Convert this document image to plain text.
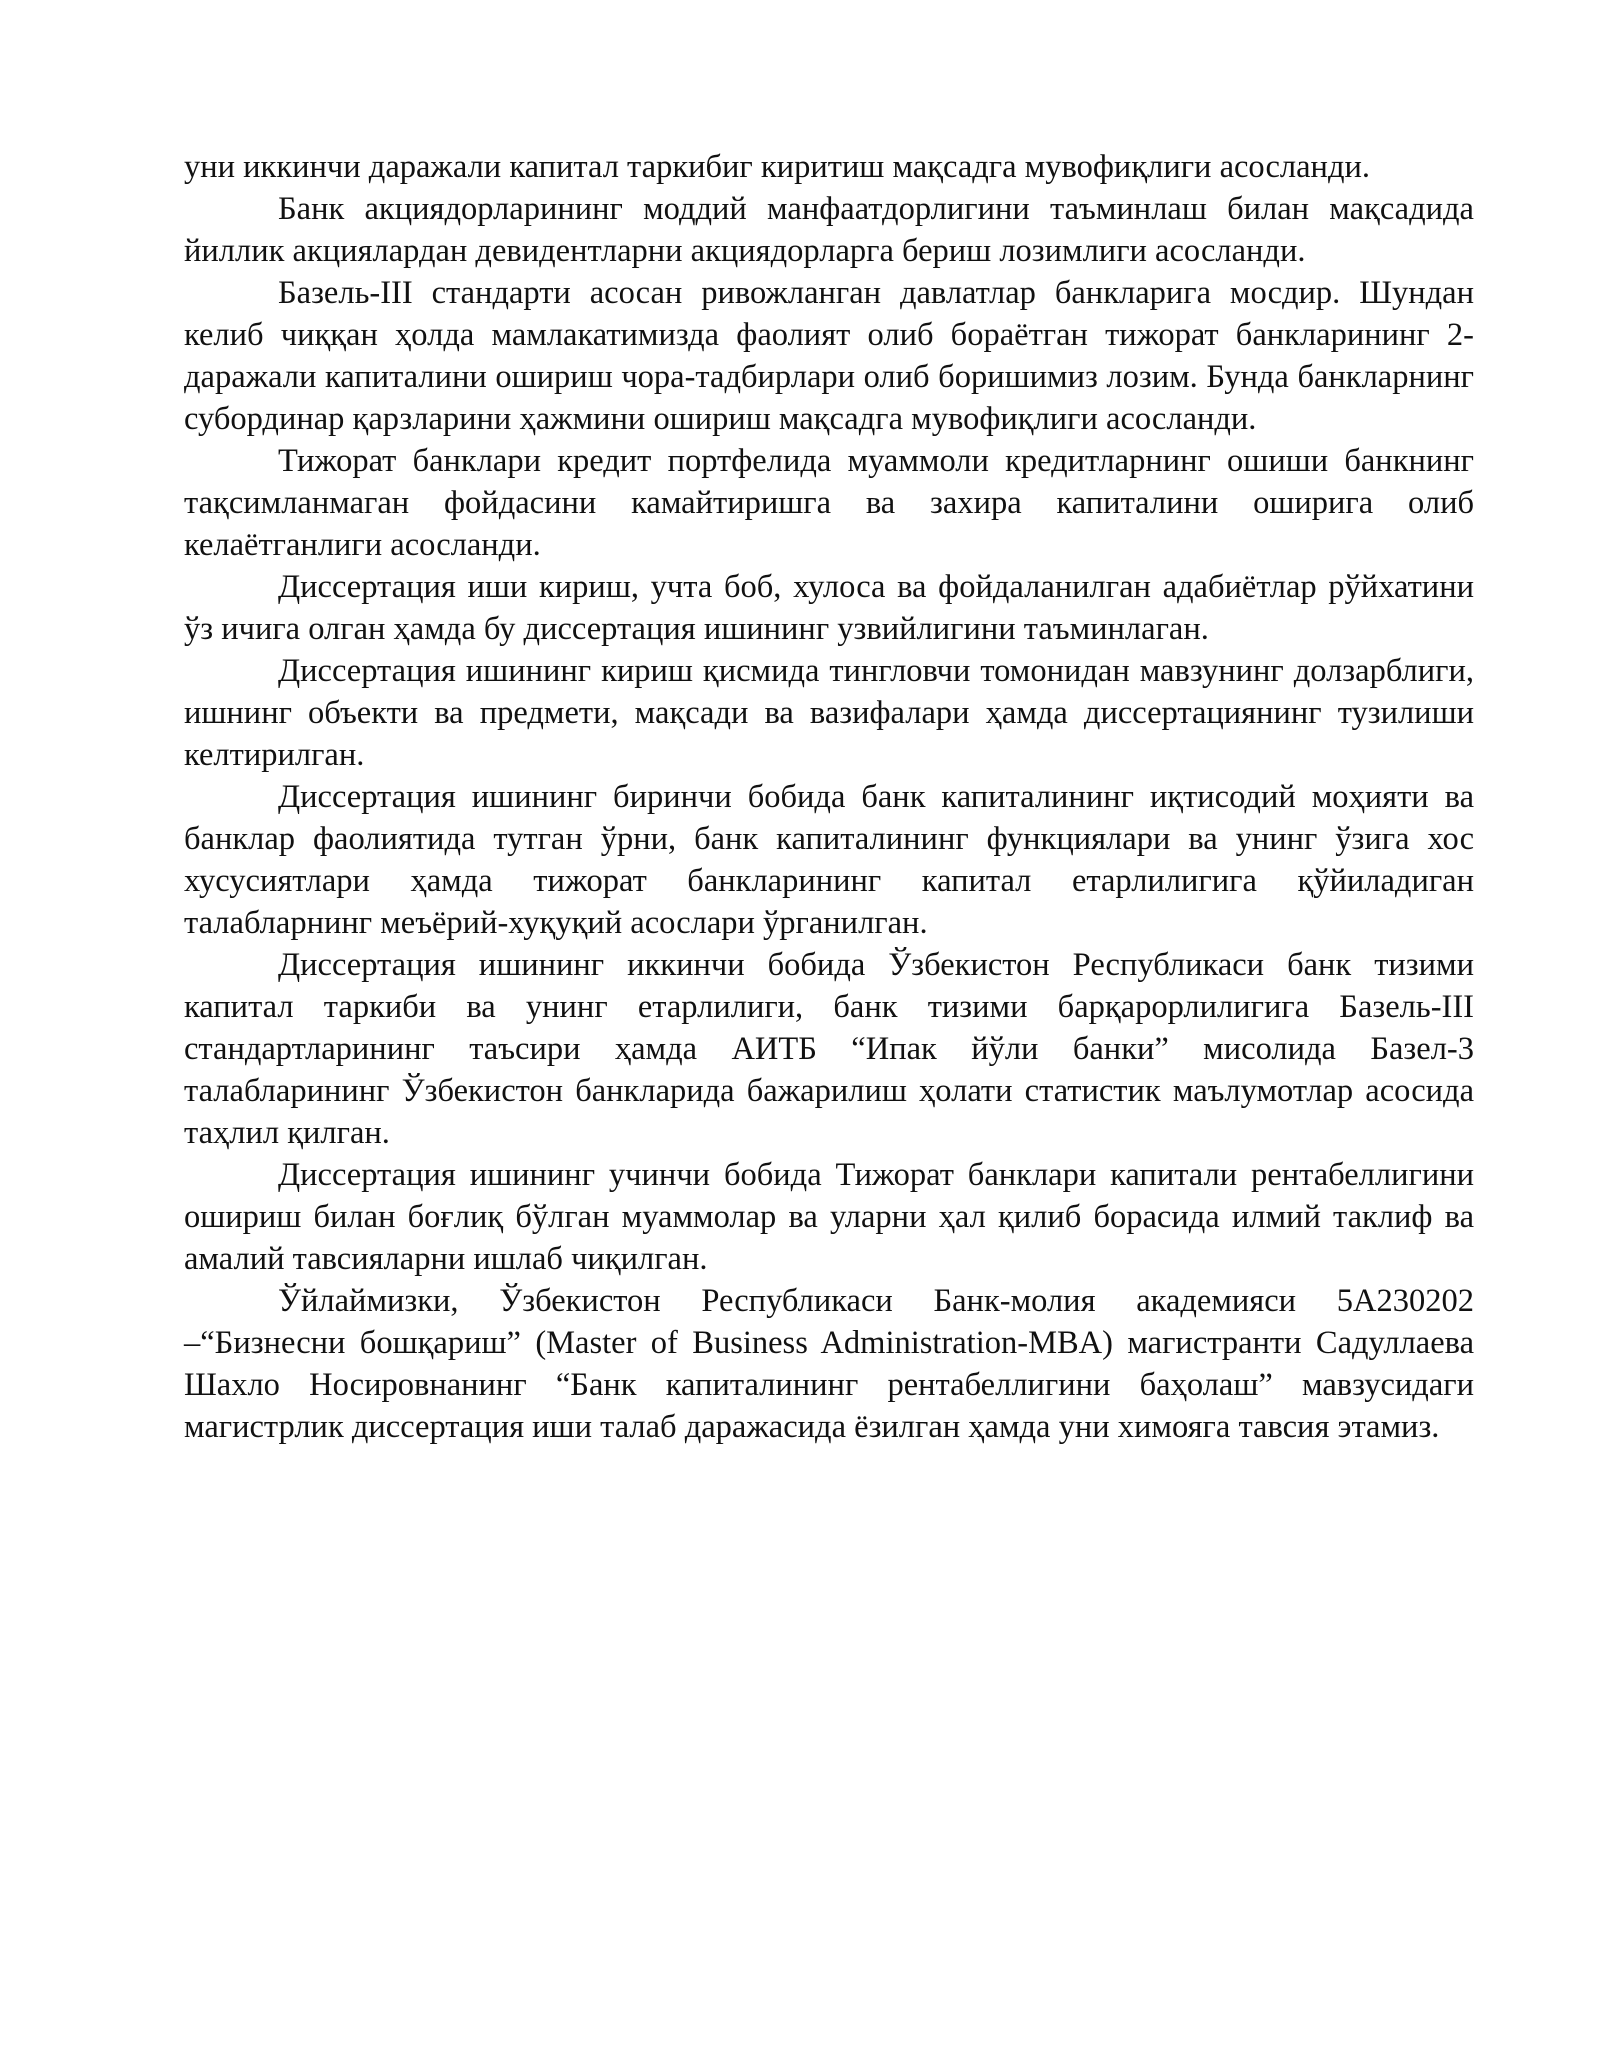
уни иккинчи даражали капитал таркибиг киритиш мақсадга мувофиқлиги асосланди.

Банк акциядорларининг моддий манфаатдорлигини таъминлаш билан мақсадида йиллик акциялардан девидентларни акциядорларга бериш лозимлиги асосланди.

Базель-III стандарти асосан ривожланган давлатлар банкларига мосдир. Шундан келиб чиққан ҳолда мамлакатимизда фаолият олиб бораётган тижорат банкларининг 2-даражали капиталини ошириш чора-тадбирлари олиб боришимиз лозим. Бунда банкларнинг субординар қарзларини ҳажмини ошириш мақсадга мувофиқлиги асосланди.

Тижорат банклари кредит портфелида муаммоли кредитларнинг ошиши банкнинг тақсимланмаган фойдасини камайтиришга ва захира капиталини оширига олиб келаётганлиги асосланди.

Диссертация иши кириш, учта боб, хулоса ва фойдаланилган адабиётлар рўйхатини ўз ичига олган ҳамда бу диссертация ишининг узвийлигини таъминлаган.

Диссертация ишининг кириш қисмида тингловчи томонидан мавзунинг долзарблиги, ишнинг объекти ва предмети, мақсади ва вазифалари ҳамда диссертациянинг тузилиши келтирилган.

Диссертация ишининг биринчи бобида банк капиталининг иқтисодий моҳияти ва банклар фаолиятида тутган ўрни, банк капиталининг функциялари ва унинг ўзига хос хусусиятлари ҳамда тижорат банкларининг капитал етарлилигига қўйиладиган талабларнинг меъёрий-хуқуқий асослари ўрганилган.

Диссертация ишининг иккинчи бобида Ўзбекистон Республикаси банк тизими капитал таркиби ва унинг етарлилиги, банк тизими барқарорлилигига Базель-III стандартларининг таъсири ҳамда АИТБ “Ипак йўли банки” мисолида Базел-3 талабларининг Ўзбекистон банкларида бажарилиш ҳолати статистик маълумотлар асосида таҳлил қилган.

Диссертация ишининг учинчи бобида Тижорат банклари капитали рентабеллигини ошириш билан боғлиқ бўлган муаммолар ва уларни ҳал қилиб борасида илмий таклиф ва амалий тавсияларни ишлаб чиқилган.

Ўйлаймизки, Ўзбекистон Республикаси Банк-молия академияси 5А230202 –“Бизнесни бошқариш” (Master of Business Administration-MBA) магистранти Садуллаева Шахло Носировнанинг “Банк капиталининг рентабеллигини баҳолаш” мавзусидаги магистрлик диссертация иши талаб даражасида ёзилган ҳамда уни химояга тавсия этамиз.
